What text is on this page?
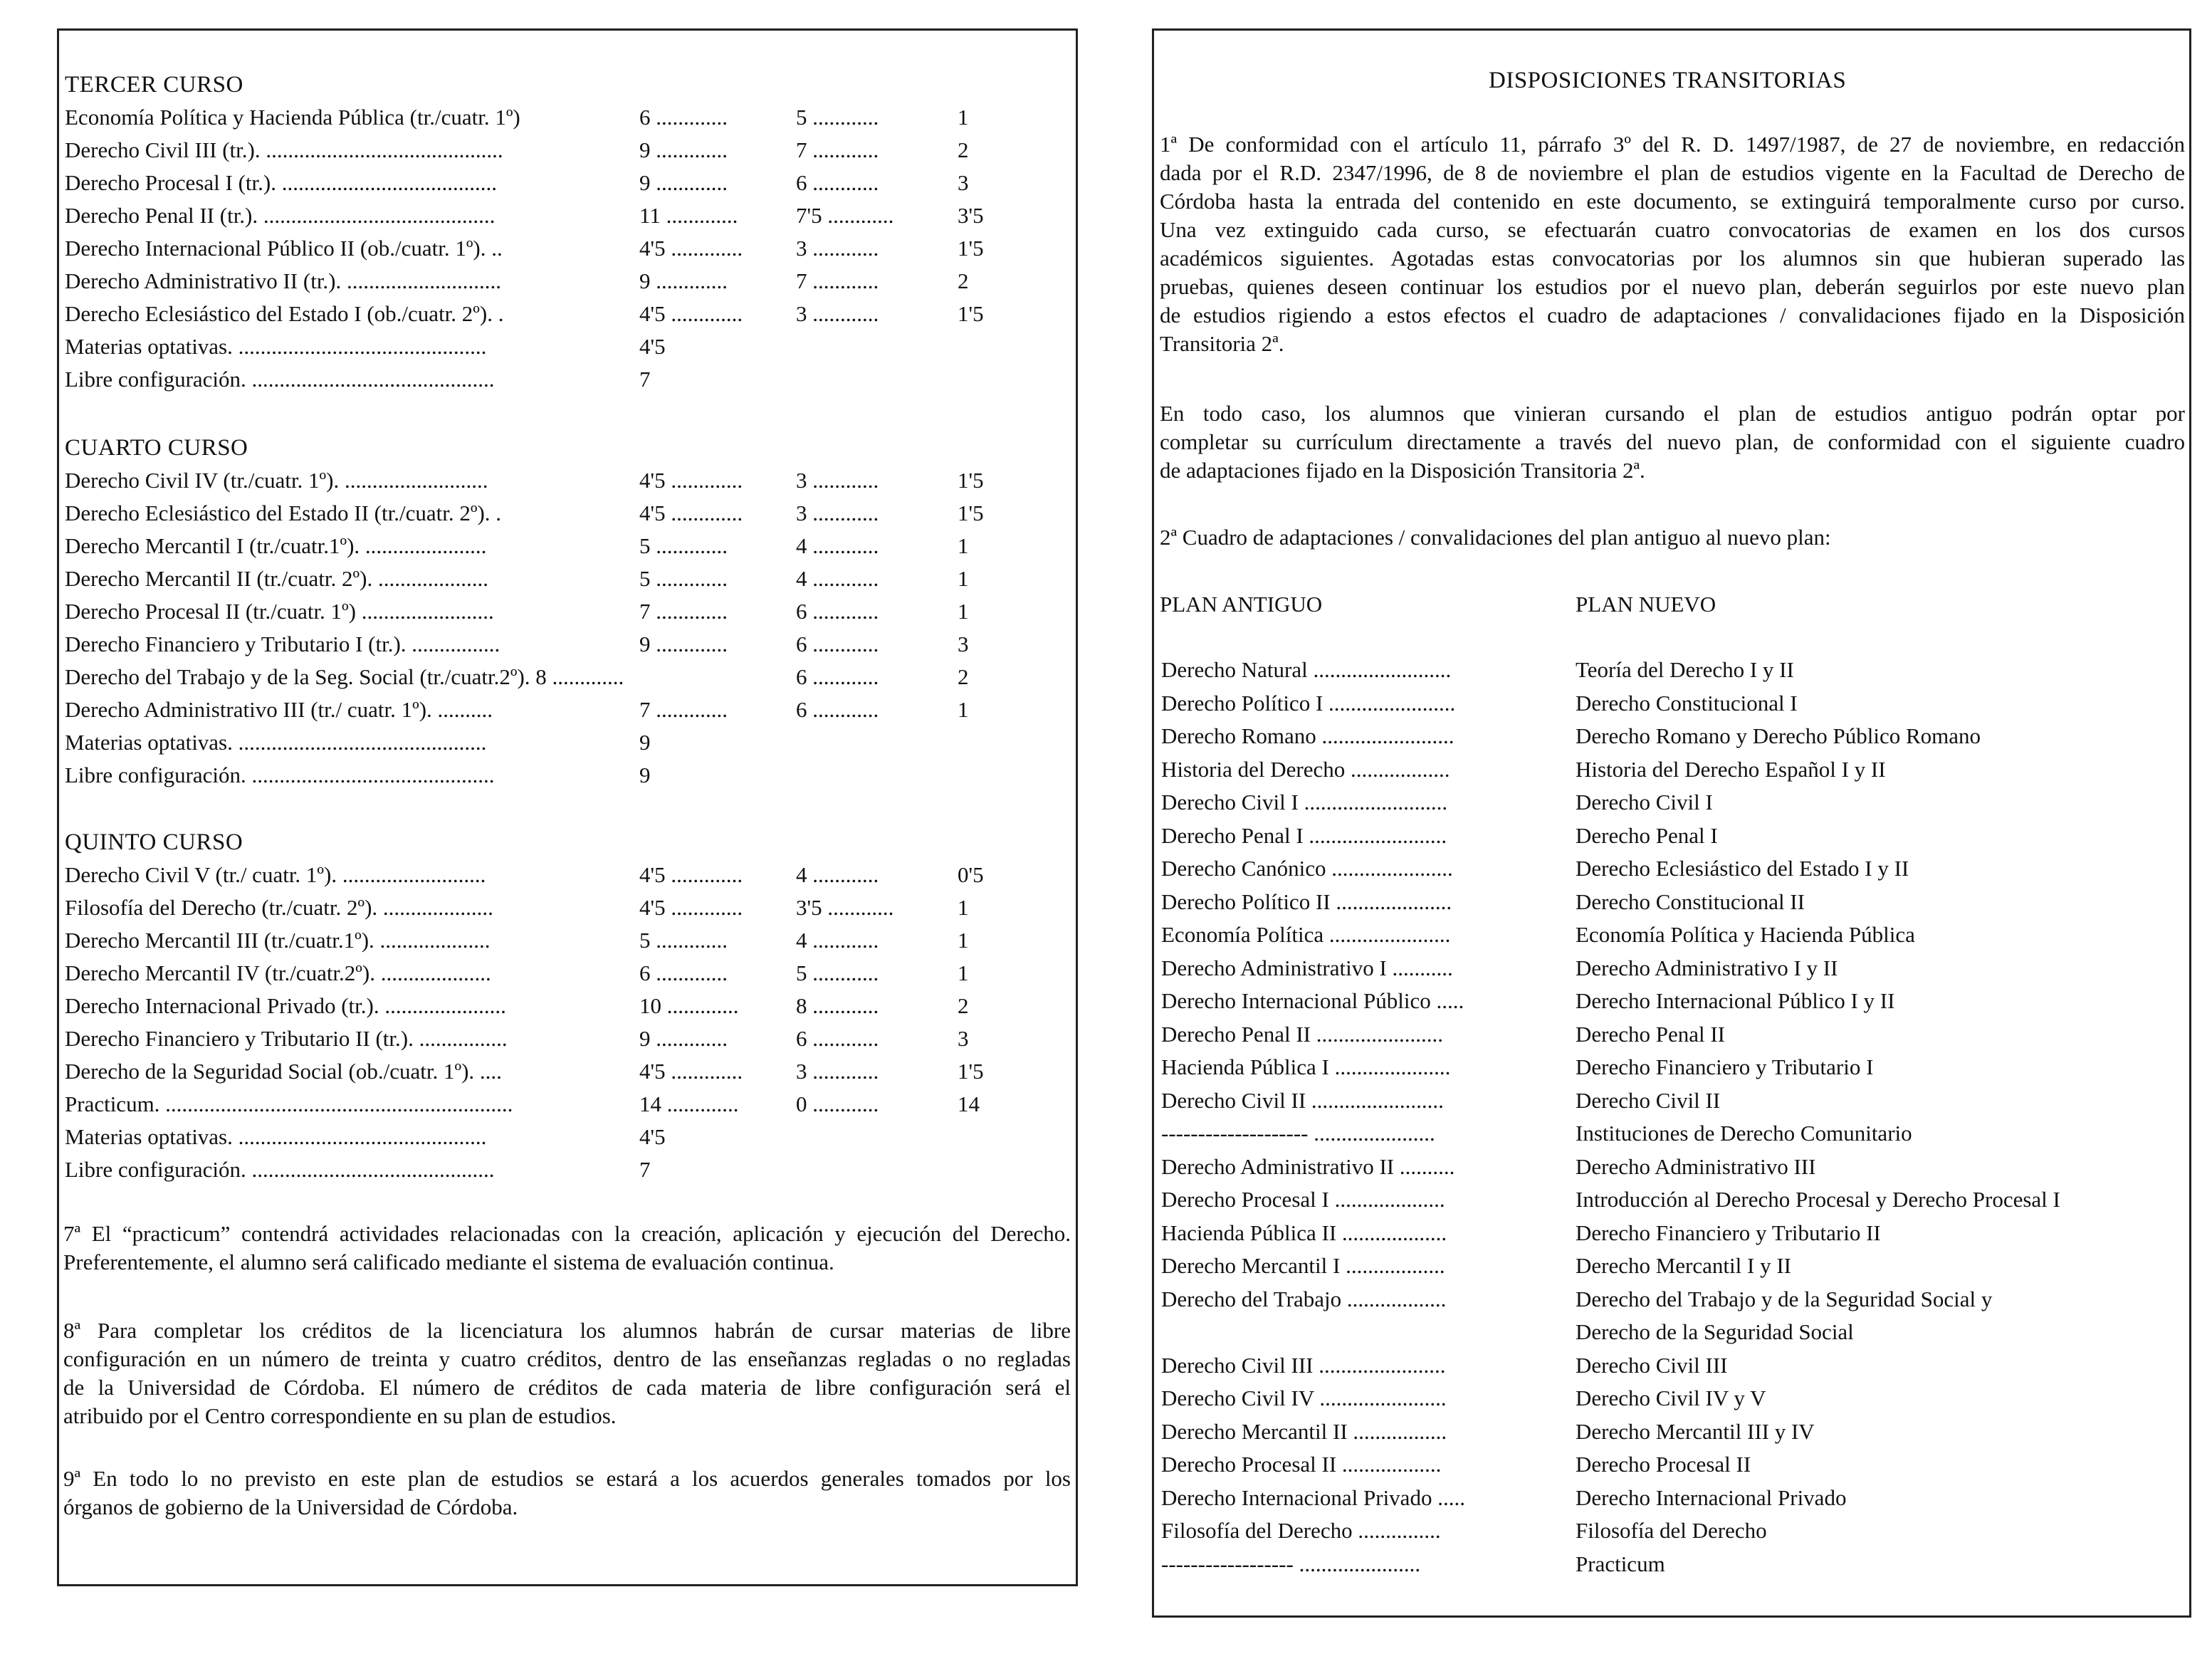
TERCER CURSO
Economía Política y Hacienda Pública (tr./cuatr. 1º)	6 .............	5 ............	1
Derecho Civil III (tr.). ...........................................	9 .............	7 ............	2
Derecho Procesal I (tr.). .......................................	9 .............	6 ............	3
Derecho Penal II (tr.). ..........................................	11 .............	7'5 ............	3'5
Derecho Internacional Público II (ob./cuatr. 1º). ..	4'5 ............. 3 ............	1'5
Derecho Administrativo II (tr.). ............................	9 .............	7 ............	2
Derecho Eclesiástico del Estado I (ob./cuatr. 2º). .	4'5 ............. 3 ............	1'5
Materias optativas. .............................................	4'5
Libre configuración. ............................................	7
CUARTO CURSO
Derecho Civil IV (tr./cuatr. 1º). ..........................	4'5 ............. 3 ............	1'5
Derecho Eclesiástico del Estado II (tr./cuatr. 2º). .	4'5 ............. 3 ............	1'5
Derecho Mercantil I (tr./cuatr.1º). ......................	5 .............	4 ............	1
Derecho Mercantil II (tr./cuatr. 2º). ....................	5 .............	4 ............	1
Derecho Procesal II (tr./cuatr. 1º) ........................	7 .............	6 ............	1
Derecho Financiero y Tributario I (tr.). ................	9 .............	6 ............	3
Derecho del Trabajo y de la Seg. Social (tr./cuatr.2º). 8 .............	6 ............	2
Derecho Administrativo III (tr./ cuatr. 1º). ..........	7 .............	6 ............	1
Materias optativas. .............................................	9
Libre configuración. ............................................	9
QUINTO CURSO
Derecho Civil V (tr./ cuatr. 1º). ..........................	4'5 ............. 4 ............	0'5
Filosofía del Derecho (tr./cuatr. 2º). ....................	4'5 ............. 3'5 ............	1
Derecho Mercantil III (tr./cuatr.1º). ....................	5 .............	4 ............	1
Derecho Mercantil IV (tr./cuatr.2º). ....................	6 .............	5 ............	1
Derecho Internacional Privado (tr.). ......................	10 .............	8 ............	2
Derecho Financiero y Tributario II (tr.). ................	9 .............	6 ............	3
Derecho de la Seguridad Social (ob./cuatr. 1º). ....	4'5 ............. 3 ............	1'5
Practicum. ...............................................................	14 .............	0 ............	14
Materias optativas. .............................................	4'5
Libre configuración. ............................................	7
7ª El “practicum” contendrá actividades relacionadas con la creación, aplicación y ejecución del Derecho.
Preferentemente, el alumno será calificado mediante el sistema de evaluación continua.
8ª Para completar los créditos de la licenciatura los alumnos habrán de cursar materias de libre
configuración en un número de treinta y cuatro créditos, dentro de las enseñanzas regladas o no regladas
de la Universidad de Córdoba. El número de créditos de cada materia de libre configuración será el
atribuido por el Centro correspondiente en su plan de estudios.
9ª En todo lo no previsto en este plan de estudios se estará a los acuerdos generales tomados por los
órganos de gobierno de la Universidad de Córdoba.
DISPOSICIONES TRANSITORIAS
1ª De conformidad con el artículo 11, párrafo 3º del R. D. 1497/1987, de 27 de noviembre, en redacción
dada por el R.D. 2347/1996, de 8 de noviembre el plan de estudios vigente en la Facultad de Derecho de
Córdoba hasta la entrada del contenido en este documento, se extinguirá temporalmente curso por curso.
Una vez extinguido cada curso, se efectuarán cuatro convocatorias de examen en los dos cursos
académicos siguientes. Agotadas estas convocatorias por los alumnos sin que hubieran superado las
pruebas, quienes deseen continuar los estudios por el nuevo plan, deberán seguirlos por este nuevo plan
de estudios rigiendo a estos efectos el cuadro de adaptaciones / convalidaciones fijado en la Disposición
Transitoria 2ª.
En todo caso, los alumnos que vinieran cursando el plan de estudios antiguo podrán optar por
completar su currículum directamente a través del nuevo plan, de conformidad con el siguiente cuadro
de adaptaciones fijado en la Disposición Transitoria 2ª.
2ª Cuadro de adaptaciones / convalidaciones del plan antiguo al nuevo plan:
PLAN ANTIGUO	PLAN NUEVO
Derecho Natural .........................	Teoría del Derecho I y II
Derecho Político I .......................	Derecho Constitucional I
Derecho Romano ........................	Derecho Romano y Derecho Público Romano
Historia del Derecho ..................	Historia del Derecho Español I y II
Derecho Civil I ..........................	Derecho Civil I
Derecho Penal I .........................	Derecho Penal I
Derecho Canónico ......................	Derecho Eclesiástico del Estado I y II
Derecho Político II .....................	Derecho Constitucional II
Economía Política ......................	Economía Política y Hacienda Pública
Derecho Administrativo I ...........	Derecho Administrativo I y II
Derecho Internacional Público .....	Derecho Internacional Público I y II
Derecho Penal II .......................	Derecho Penal II
Hacienda Pública I .....................	Derecho Financiero y Tributario I
Derecho Civil II ........................	Derecho Civil II
-------------------- ......................	Instituciones de Derecho Comunitario
Derecho Administrativo II ..........	Derecho Administrativo III
Derecho Procesal I ....................	Introducción al Derecho Procesal y Derecho Procesal I
Hacienda Pública II ...................	Derecho Financiero y Tributario II
Derecho Mercantil I ..................	Derecho Mercantil I y II
Derecho del Trabajo ..................	Derecho del Trabajo y de la Seguridad Social y
Derecho de la Seguridad Social
Derecho Civil III .......................	Derecho Civil III
Derecho Civil IV .......................	Derecho Civil IV y V
Derecho Mercantil II .................	Derecho Mercantil III y IV
Derecho Procesal II ..................	Derecho Procesal II
Derecho Internacional Privado .....	Derecho Internacional Privado
Filosofía del Derecho ...............	Filosofía del Derecho
------------------ ......................	Practicum
